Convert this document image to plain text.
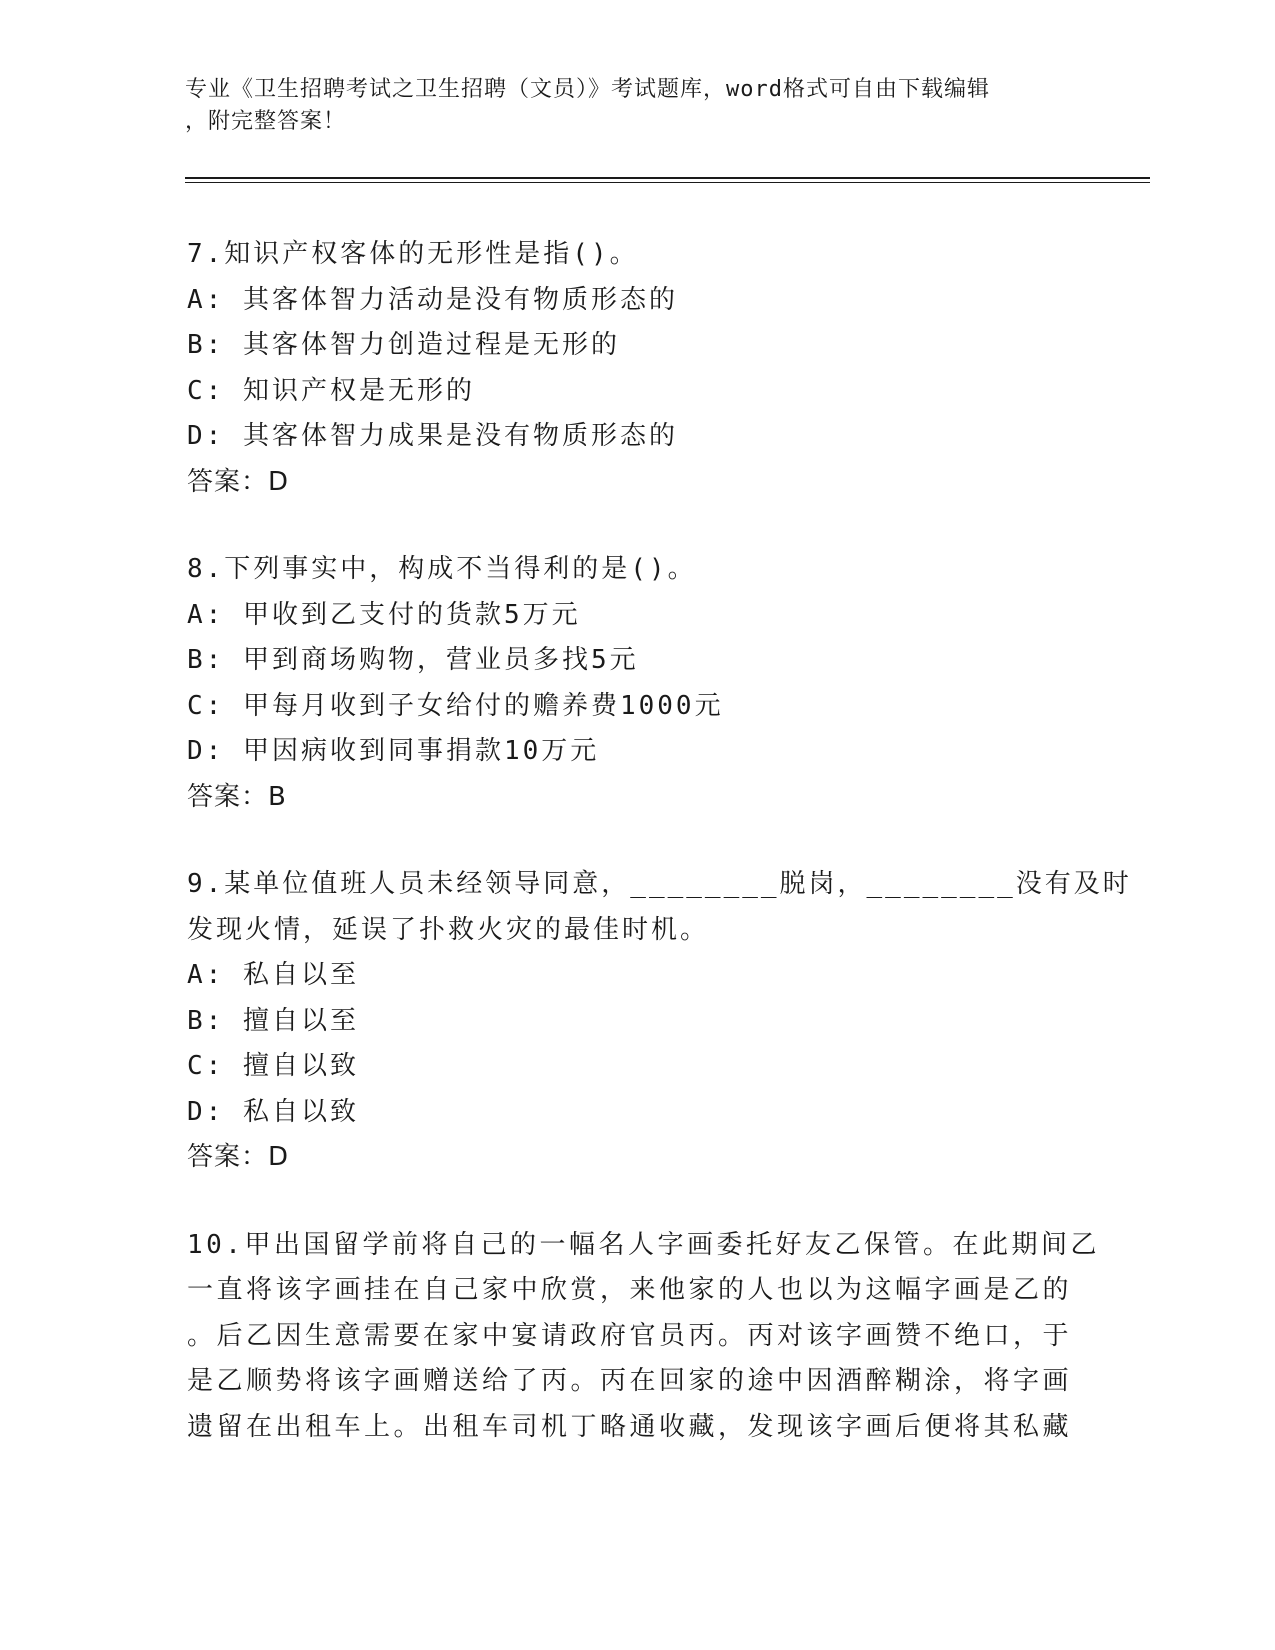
专业《卫生招聘考试之卫生招聘（文员）》考试题库，word格式可自由下载编辑
，附完整答案！
7.知识产权客体的无形性是指()。
A: 其客体智力活动是没有物质形态的
B: 其客体智力创造过程是无形的
C: 知识产权是无形的
D: 其客体智力成果是没有物质形态的
答案：D
8.下列事实中，构成不当得利的是()。
A: 甲收到乙支付的货款5万元
B: 甲到商场购物，营业员多找5元
C: 甲每月收到子女给付的赡养费1000元
D: 甲因病收到同事捐款10万元
答案：B
9.某单位值班人员未经领导同意，________脱岗，________没有及时
发现火情，延误了扑救火灾的最佳时机。
A: 私自以至
B: 擅自以至
C: 擅自以致
D: 私自以致
答案：D
10.甲出国留学前将自己的一幅名人字画委托好友乙保管。在此期间乙
一直将该字画挂在自己家中欣赏，来他家的人也以为这幅字画是乙的
。后乙因生意需要在家中宴请政府官员丙。丙对该字画赞不绝口，于
是乙顺势将该字画赠送给了丙。丙在回家的途中因酒醉糊涂，将字画
遗留在出租车上。出租车司机丁略通收藏，发现该字画后便将其私藏
